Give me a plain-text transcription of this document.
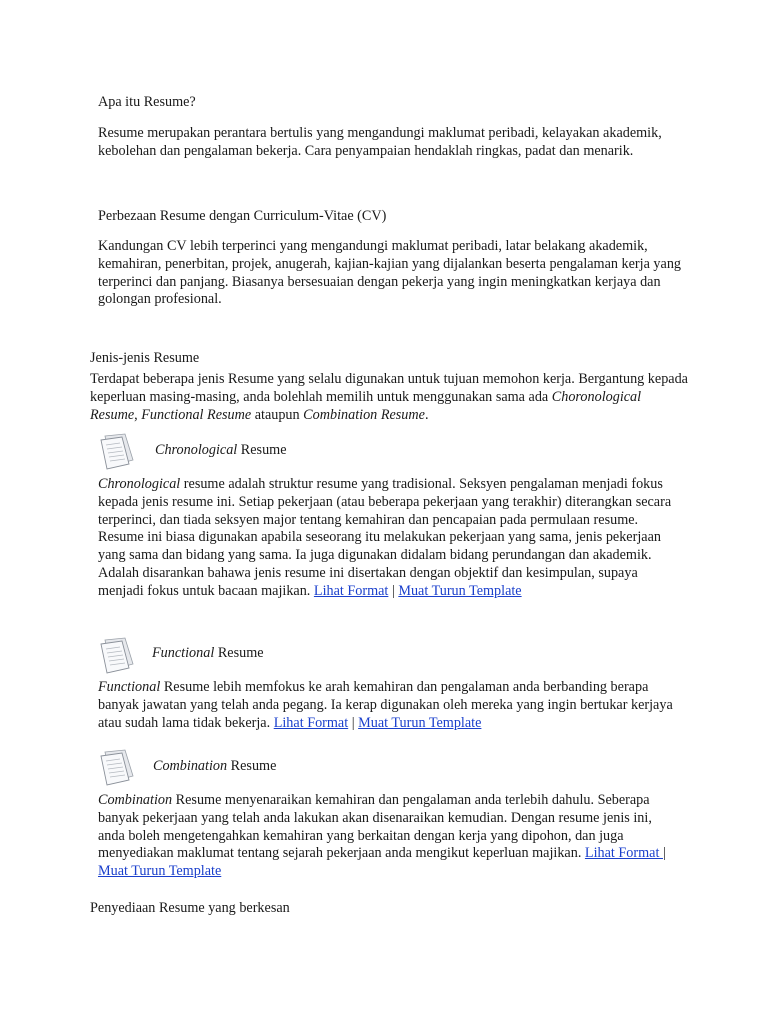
Apa itu Resume?

Resume merupakan perantara bertulis yang mengandungi maklumat peribadi, kelayakan akademik, kebolehan dan pengalaman bekerja. Cara penyampaian hendaklah ringkas, padat dan menarik.

Perbezaan Resume dengan Curriculum-Vitae (CV)

Kandungan CV lebih terperinci yang mengandungi maklumat peribadi, latar belakang akademik, kemahiran, penerbitan, projek, anugerah, kajian-kajian yang dijalankan beserta pengalaman kerja yang terperinci dan panjang. Biasanya bersesuaian dengan pekerja yang ingin meningkatkan kerjaya dan golongan profesional.

Jenis-jenis Resume

Terdapat beberapa jenis Resume yang selalu digunakan untuk tujuan memohon kerja. Bergantung kepada keperluan masing-masing, anda bolehlah memilih untuk menggunakan sama ada Choronological Resume, Functional Resume ataupun Combination Resume.

Chronological Resume

Chronological resume adalah struktur resume yang tradisional. Seksyen pengalaman menjadi fokus kepada jenis resume ini. Setiap pekerjaan (atau beberapa pekerjaan yang terakhir) diterangkan secara terperinci, dan tiada seksyen major tentang kemahiran dan pencapaian pada permulaan resume. Resume ini biasa digunakan apabila seseorang itu melakukan pekerjaan yang sama, jenis pekerjaan yang sama dan bidang yang sama. Ia juga digunakan didalam bidang perundangan dan akademik. Adalah disarankan bahawa jenis resume ini disertakan dengan objektif dan kesimpulan, supaya menjadi fokus untuk bacaan majikan. Lihat Format | Muat Turun Template

Functional Resume

Functional Resume lebih memfokus ke arah kemahiran dan pengalaman anda berbanding berapa banyak jawatan yang telah anda pegang. Ia kerap digunakan oleh mereka yang ingin bertukar kerjaya atau sudah lama tidak bekerja. Lihat Format | Muat Turun Template

Combination Resume

Combination Resume menyenaraikan kemahiran dan pengalaman anda terlebih dahulu. Seberapa banyak pekerjaan yang telah anda lakukan akan disenaraikan kemudian. Dengan resume jenis ini, anda boleh mengetengahkan kemahiran yang berkaitan dengan kerja yang dipohon, dan juga menyediakan maklumat tentang sejarah pekerjaan anda mengikut keperluan majikan. Lihat Format | Muat Turun Template

Penyediaan Resume yang berkesan
